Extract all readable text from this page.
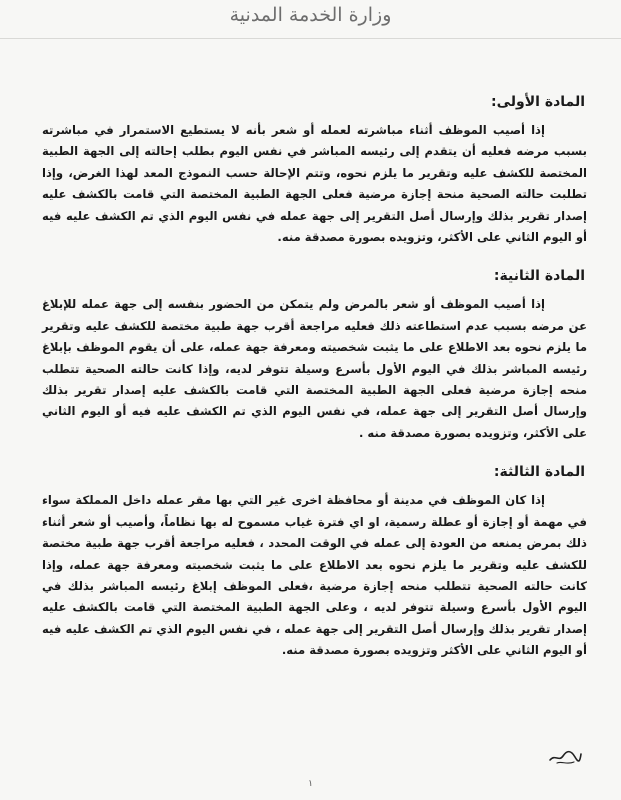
وزارة الخدمة المدنية
المادة الأولى:

إذا أصيب الموظف أثناء مباشرته لعمله أو شعر بأنه لا يستطيع الاستمرار في مباشرته بسبب مرضه فعليه أن يتقدم إلى رئيسه المباشر في نفس اليوم بطلب إحالته إلى الجهة الطبية المختصة للكشف عليه وتقرير ما يلزم نحوه، وتتم الإحالة حسب النموذج المعد لهذا الغرض، وإذا تطلبت حالته الصحية منحة إجازة مرضية فعلى الجهة الطبية المختصة التي قامت بالكشف عليه إصدار تقرير بذلك وإرسال أصل التقرير إلى جهة عمله في نفس اليوم الذي تم الكشف عليه فيه أو اليوم الثاني على الأكثر، وتزويده بصورة مصدقة منه.

المادة الثانية:

إذا أصيب الموظف أو شعر بالمرض ولم يتمكن من الحضور بنفسه إلى جهة عمله للإبلاغ عن مرضه بسبب عدم استطاعته ذلك فعليه مراجعة أقرب جهة طبية مختصة للكشف عليه وتقرير ما يلزم نحوه بعد الاطلاع على ما يثبت شخصيته ومعرفة جهة عمله، على أن يقوم الموظف بإبلاغ رئيسه المباشر بذلك في اليوم الأول بأسرع وسيلة تتوفر لديه، وإذا كانت حالته الصحية تتطلب منحه إجازة مرضية فعلى الجهة الطبية المختصة التي قامت بالكشف عليه إصدار تقرير بذلك وإرسال أصل التقرير إلى جهة عمله، في نفس اليوم الذي تم الكشف عليه فيه أو اليوم الثاني على الأكثر، وتزويده بصورة مصدقة منه .

المادة الثالثة:

إذا كان الموظف في مدينة أو محافظة اخرى غير التي بها مقر عمله داخل المملكة سواء في مهمة أو إجازة أو عطلة رسمية، او اي فترة غياب مسموح له بها نظاماً، وأصيب أو شعر أثناء ذلك بمرض يمنعه من العودة إلى عمله في الوقت المحدد ، فعليه مراجعة أقرب جهة طبية مختصة للكشف عليه وتقرير ما يلزم نحوه بعد الاطلاع على ما يثبت شخصيته ومعرفة جهة عمله، وإذا كانت حالته الصحية تتطلب منحه إجازة مرضية ،فعلى الموظف إبلاغ رئيسه المباشر بذلك في اليوم الأول بأسرع وسيلة تتوفر لديه ، وعلى الجهة الطبية المختصة التي قامت بالكشف عليه إصدار تقرير بذلك وإرسال أصل التقرير إلى جهة عمله ، في نفس اليوم الذي تم الكشف عليه فيه أو اليوم الثاني على الأكثر وتزويده بصورة مصدقة منه.

١
